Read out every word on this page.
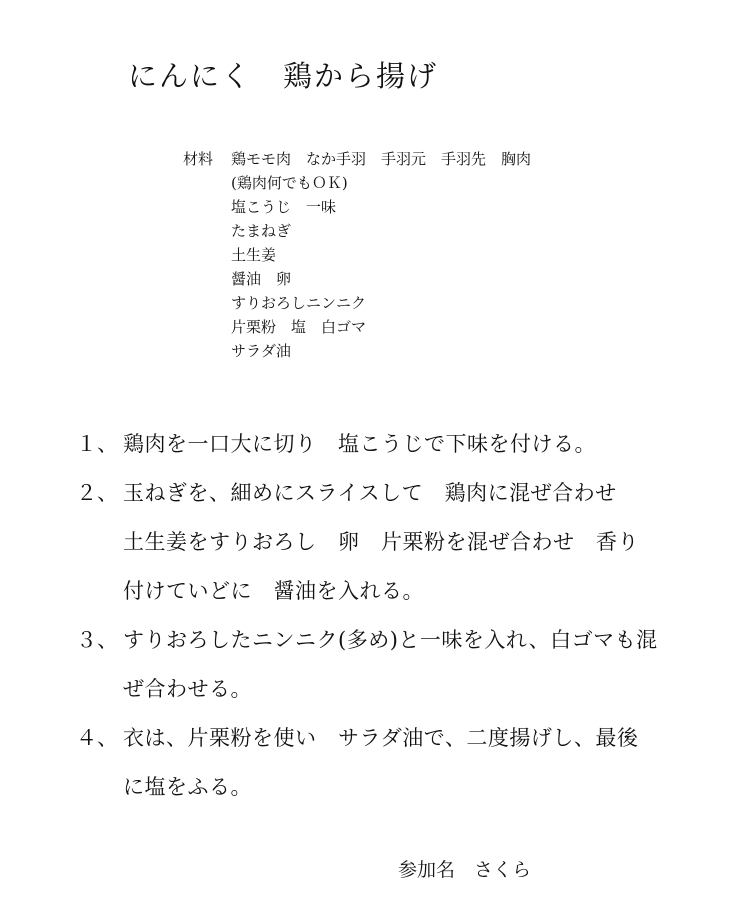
にんにく　鶏から揚げ
材料	鶏モモ肉　なか手羽　手羽元　手羽先　胸肉
(鶏肉何でもＯＫ)
塩こうじ　一味
たまねぎ
土生姜
醤油　卵
すりおろしニンニク
片栗粉　塩　白ゴマ
サラダ油
１、 鶏肉を一口大に切り　塩こうじで下味を付ける。
２、 玉ねぎを、細めにスライスして　鶏肉に混ぜ合わせ
土生姜をすりおろし　卵　片栗粉を混ぜ合わせ　香り
付けていどに　醤油を入れる。
３、 すりおろしたニンニク(多め)と一味を入れ、白ゴマも混
ぜ合わせる。
４、 衣は、片栗粉を使い　サラダ油で、二度揚げし、最後
に塩をふる。
参加名　さくら
